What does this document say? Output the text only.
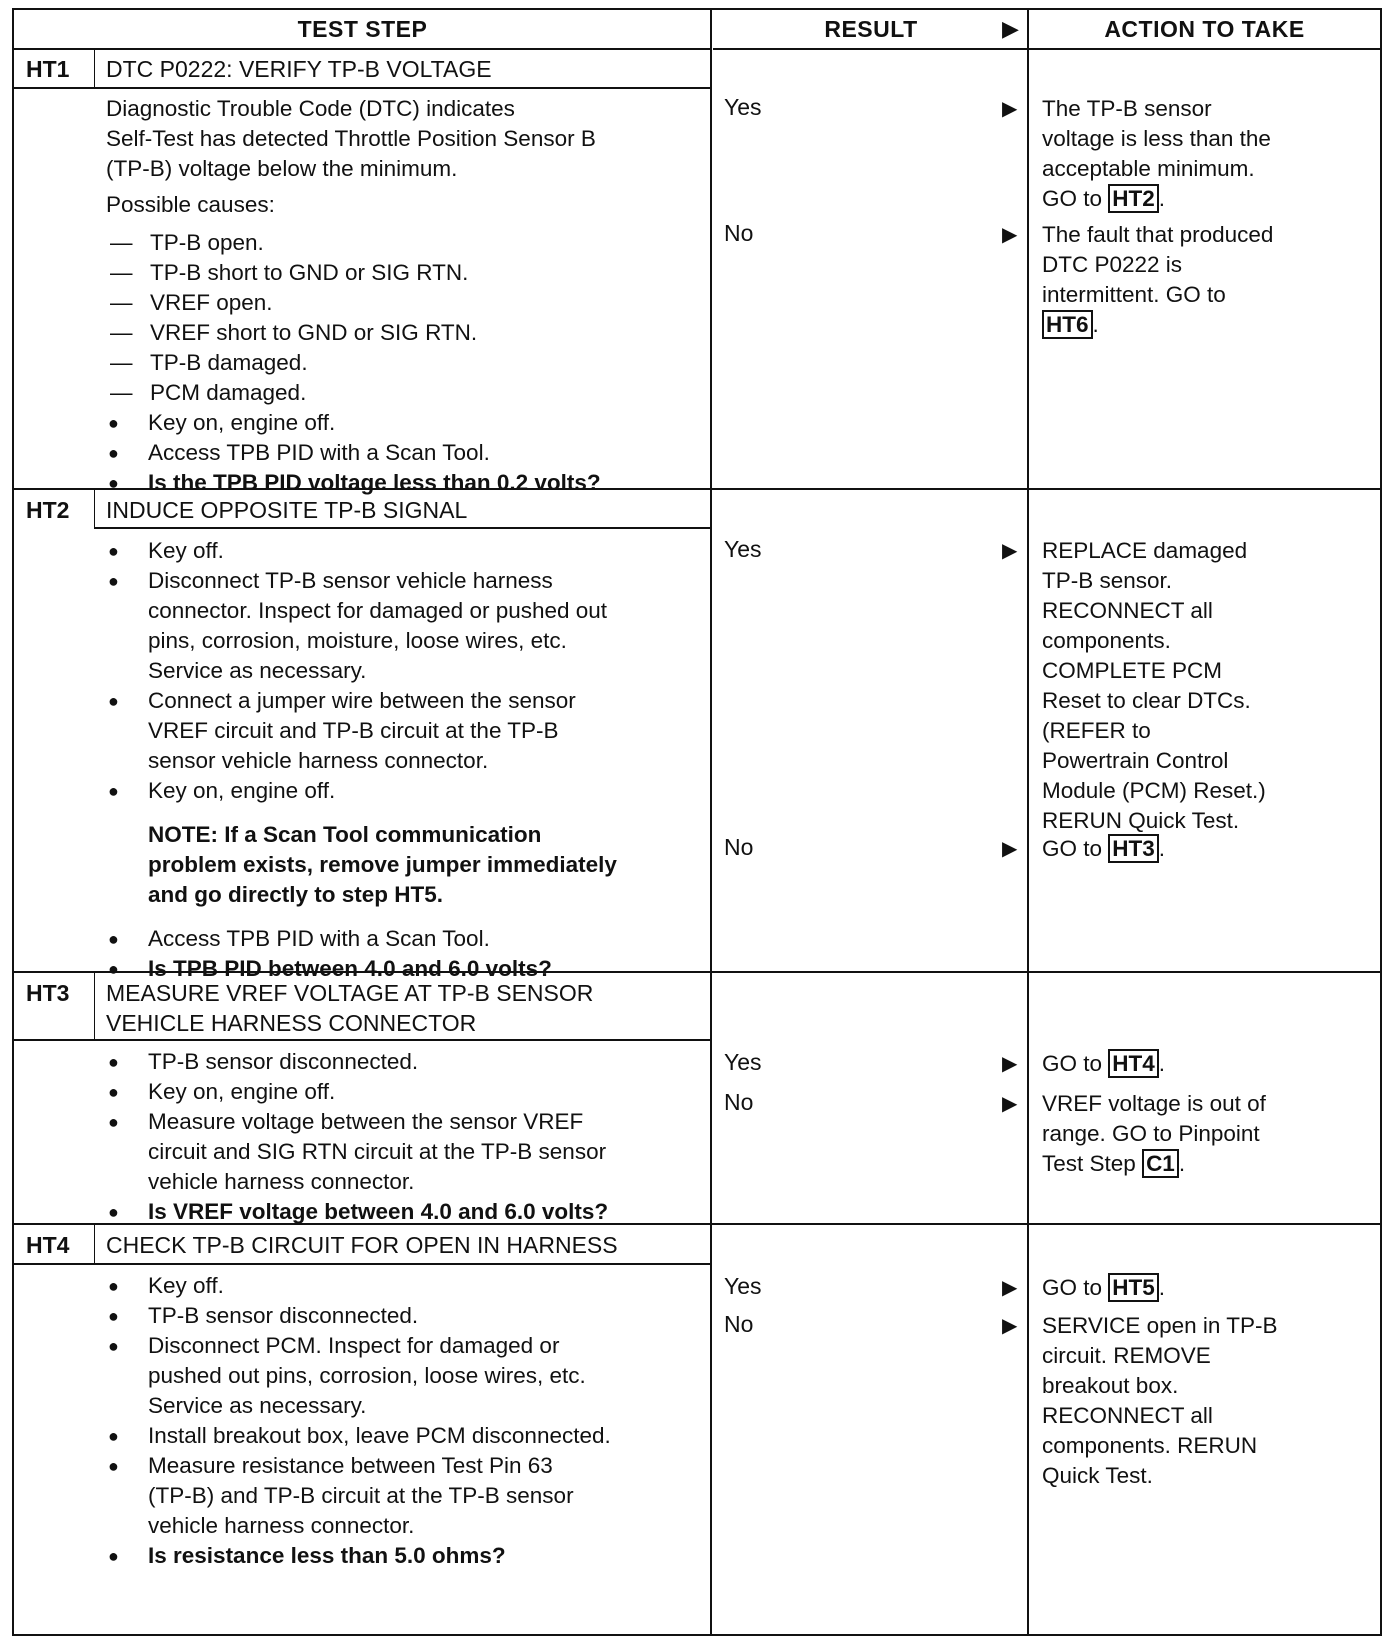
TEST STEP	RESULT	▶	ACTION TO TAKE
HT1 DTC P0222: VERIFY TP-B VOLTAGE
Diagnostic Trouble Code (DTC) indicates
Self-Test has detected Throttle Position Sensor B
(TP-B) voltage below the minimum.
Possible causes:
— TP-B open.
— TP-B short to GND or SIG RTN.
— VREF open.
— VREF short to GND or SIG RTN.
— TP-B damaged.
— PCM damaged.
● Key on, engine off.
● Access TPB PID with a Scan Tool.
● Is the TPB PID voltage less than 0.2 volts?
Yes	▶ The TP-B sensor
voltage is less than the
acceptable minimum.
GO to HT2 .
No	▶ The fault that produced
DTC P0222 is
intermittent. GO to
HT6 .
HT2 INDUCE OPPOSITE TP-B SIGNAL
● Key off.
● Disconnect TP-B sensor vehicle harness
connector. Inspect for damaged or pushed out
pins, corrosion, moisture, loose wires, etc.
Service as necessary.
● Connect a jumper wire between the sensor
VREF circuit and TP-B circuit at the TP-B
sensor vehicle harness connector.
● Key on, engine off.
NOTE: If a Scan Tool communication
problem exists, remove jumper immediately
and go directly to step HT5.
● Access TPB PID with a Scan Tool.
● Is TPB PID between 4.0 and 6.0 volts?
Yes	▶ REPLACE damaged
TP-B sensor.
RECONNECT all
components.
COMPLETE PCM
Reset to clear DTCs.
(REFER to
Powertrain Control
Module (PCM) Reset.)
RERUN Quick Test.
No	▶ GO to HT3 .
HT3 MEASURE VREF VOLTAGE AT TP-B SENSOR
VEHICLE HARNESS CONNECTOR
● TP-B sensor disconnected.
● Key on, engine off.
● Measure voltage between the sensor VREF
circuit and SIG RTN circuit at the TP-B sensor
vehicle harness connector.
● Is VREF voltage between 4.0 and 6.0 volts?
Yes	▶ GO to HT4 .
No	▶ VREF voltage is out of
range. GO to Pinpoint
Test Step C1 .
HT4 CHECK TP-B CIRCUIT FOR OPEN IN HARNESS
● Key off.
● TP-B sensor disconnected.
● Disconnect PCM. Inspect for damaged or
pushed out pins, corrosion, loose wires, etc.
Service as necessary.
● Install breakout box, leave PCM disconnected.
● Measure resistance between Test Pin 63
(TP-B) and TP-B circuit at the TP-B sensor
vehicle harness connector.
● Is resistance less than 5.0 ohms?
Yes	▶ GO to HT5 .
No	▶ SERVICE open in TP-B
circuit. REMOVE
breakout box.
RECONNECT all
components. RERUN
Quick Test.
